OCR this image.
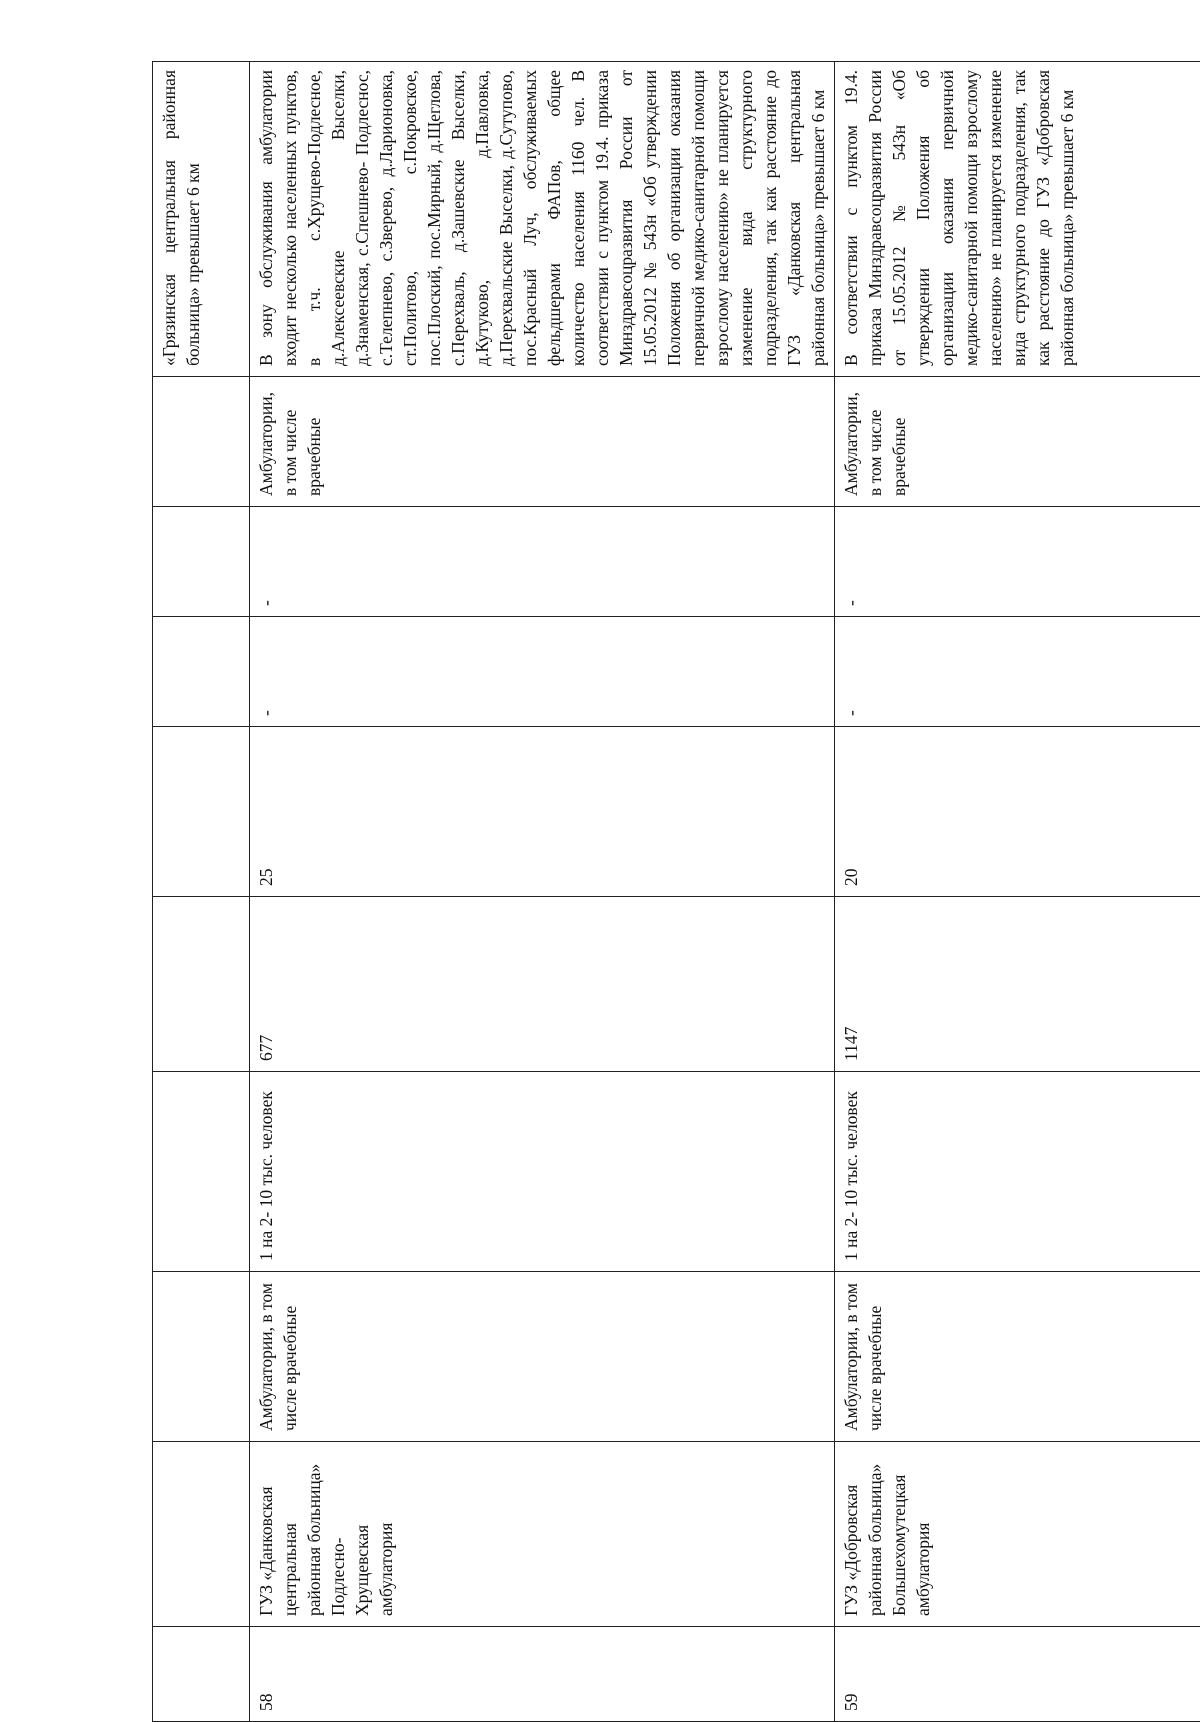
									«Грязинская центральная районная больница» превышает 6 км
58	ГУЗ «Данковская центральная районная больница» Подлесно-Хрущевская амбулатория	Амбулатории, в том числе врачебные	1 на 2- 10 тыс. человек	677	25	-	-	Амбулатории, в том числе врачебные	В зону обслуживания амбулатории входит несколько населенных пунктов, в т.ч. с.Хрущево-Подлесное, д.Алексеевские Выселки, д.Знаменская, с.Спешнево- Подлеснос, с.Телепнево, с.Зверево, д.Ларионовка, ст.Политово, с.Покровское, пос.Плоский, пос.Мирный, д.Щеглова, с.Перехваль, д.Зашевские Выселки, д.Кутуково, д.Павловка, д.Перехвальские Выселки, д.Сутупово, пос.Красный Луч, обслуживаемых фельдшерами ФАПов, общее количество населения 1160 чел. В соответствии с пунктом 19.4. приказа Минздравсоцразвития России от 15.05.2012 № 543н «Об утверждении Положения об организации оказания первичной медико-санитарной помощи взрослому населению» не планируется изменение вида структурного подразделения, так как расстояние до ГУЗ «Данковская центральная районная больница» превышает 6 км
59	ГУЗ «Добровская районная больница» Большехомутецкая амбулатория	Амбулатории, в том числе врачебные	1 на 2- 10 тыс. человек	1147	20	-	-	Амбулатории, в том числе врачебные	В соответствии с пунктом 19.4. приказа Минздравсоцразвития России от 15.05.2012 № 543н «Об утверждении Положения об организации оказания первичной медико-санитарной помощи взрослому населению» не планируется изменение вида структурного подразделения, так как расстояние до ГУЗ «Добровская районная больница» превышает 6 км
